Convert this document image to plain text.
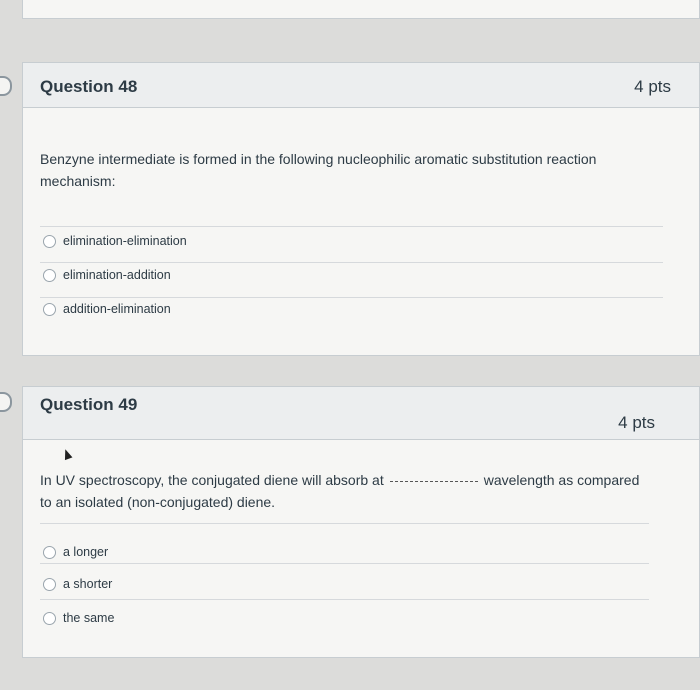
Question 48	4 pts
Benzyne intermediate is formed in the following nucleophilic aromatic substitution reaction mechanism:
elimination-elimination
elimination-addition
addition-elimination
Question 49
4 pts
In UV spectroscopy, the conjugated diene will absorb at	wavelength as compared
to an isolated (non-conjugated) diene.
a longer
a shorter
the same
